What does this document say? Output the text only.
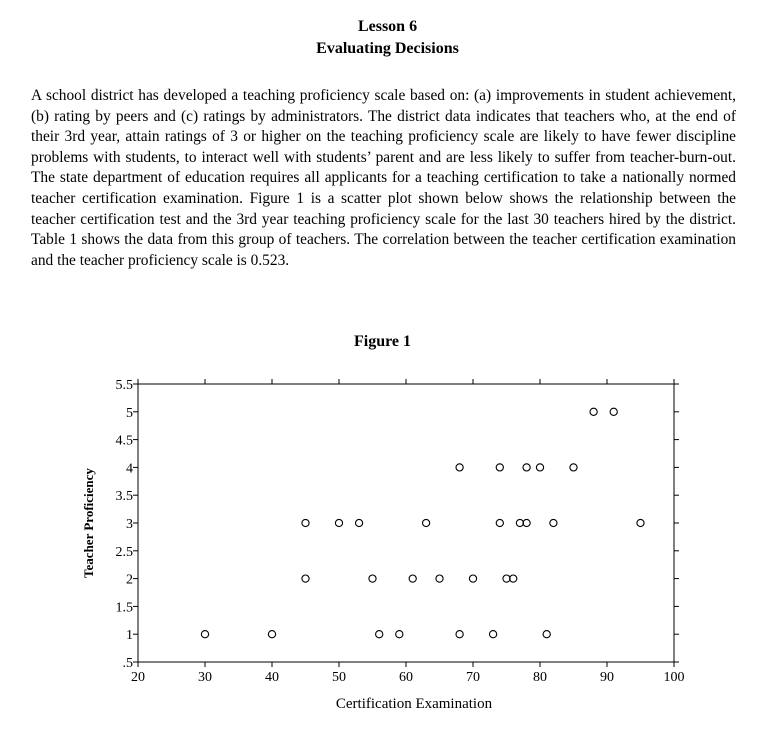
Lesson 6
Evaluating Decisions
A school district has developed a teaching proficiency scale based on: (a) improvements in student achievement, (b) rating by peers and (c) ratings by administrators. The district data indicates that teachers who, at the end of their 3rd year, attain ratings of 3 or higher on the teaching proficiency scale are likely to have fewer discipline problems with students, to interact well with students’ parent and are less likely to suffer from teacher-burn-out. The state department of education requires all applicants for a teaching certification to take a nationally normed teacher certification examination. Figure 1 is a scatter plot shown below shows the relationship between the teacher certification test and the 3rd year teaching proficiency scale for the last 30 teachers hired by the district. Table 1 shows the data from this group of teachers. The correlation between the teacher certification examination and the teacher proficiency scale is 0.523.
Figure 1
20	30	40	50	60	70	80	90	100
.5
1
1.5
2
2.5
3
3.5
4
4.5
5
5.5
Certification Examination
Teacher Proficiency
